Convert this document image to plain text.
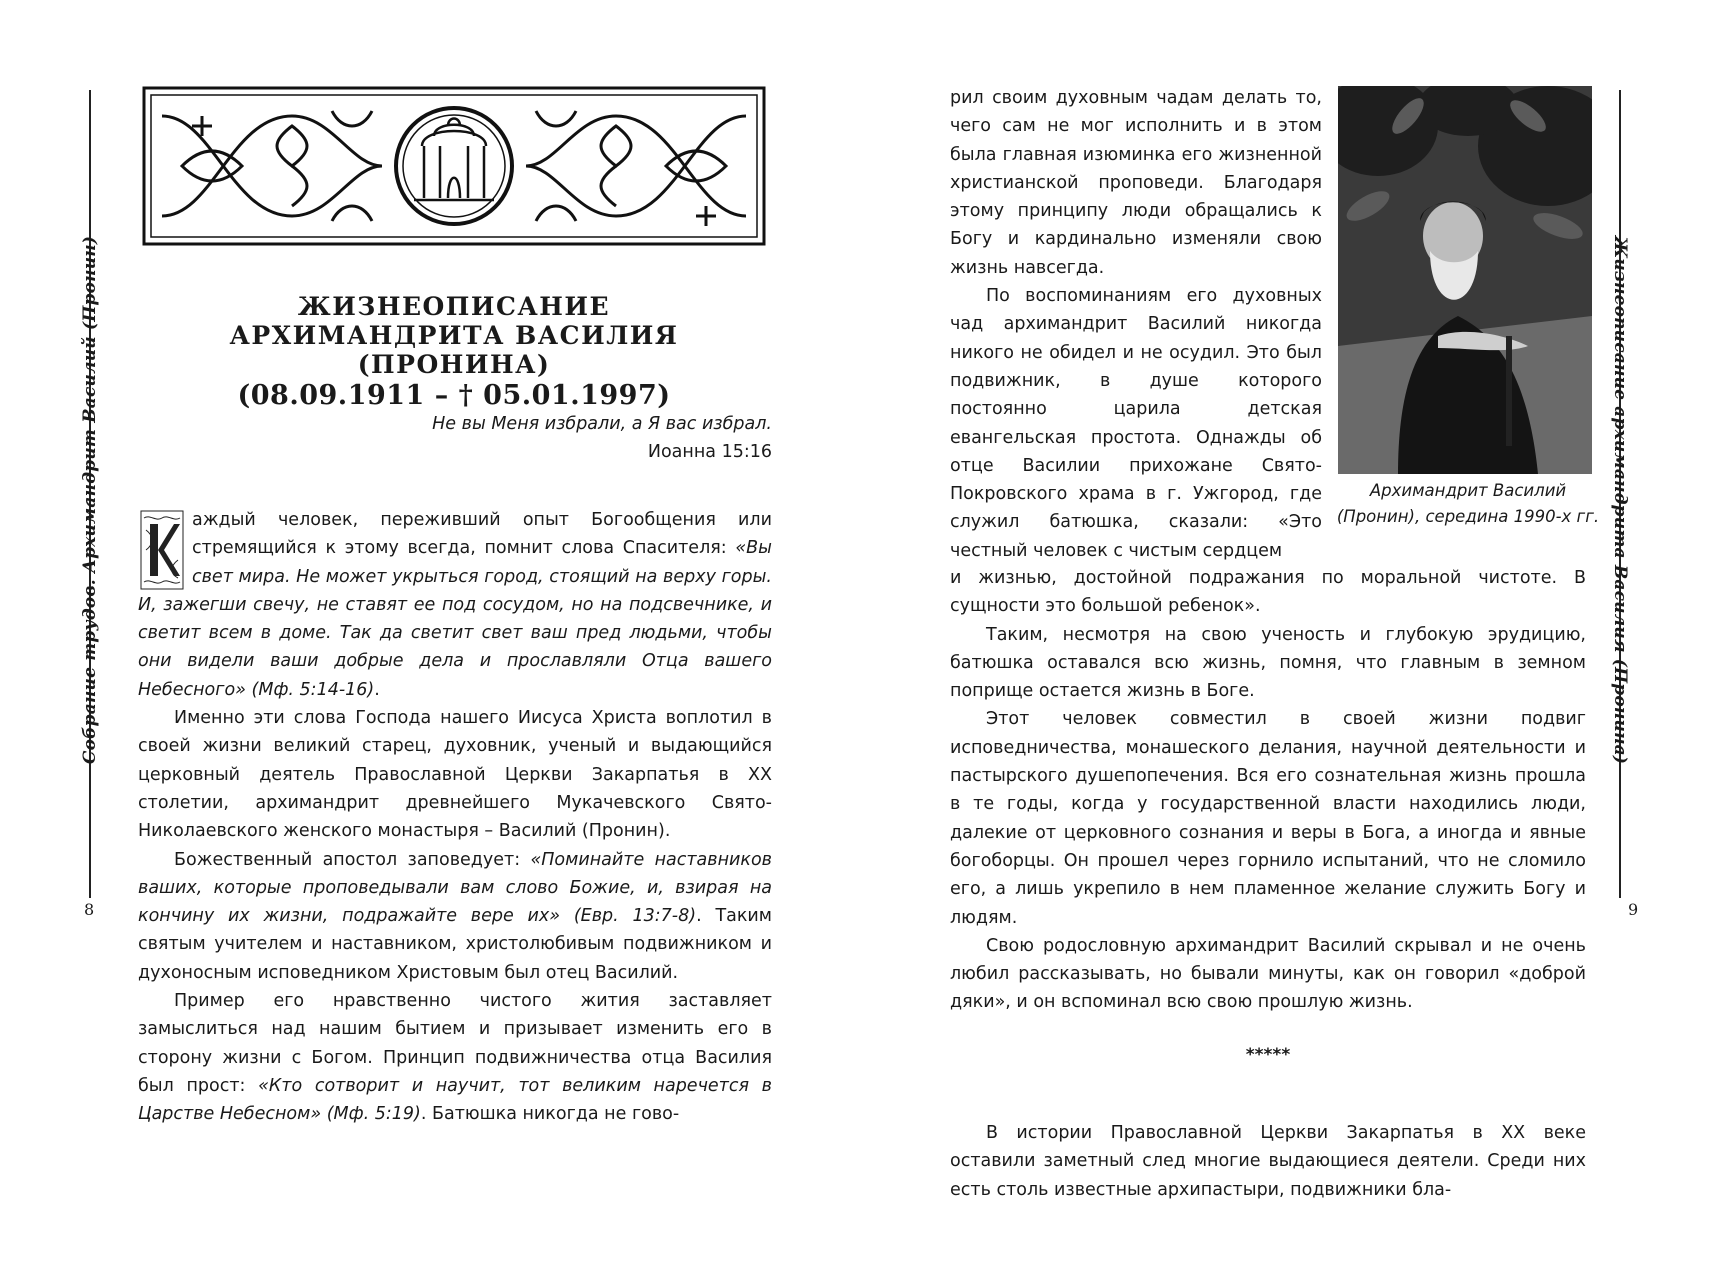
Собрание трудов. Архимандрит Василий (Пронин)
8
ЖИЗНЕОПИСАНИЕ
АРХИМАНДРИТА ВАСИЛИЯ (ПРОНИНА)
(08.09.1911 – † 05.01.1997)
Не вы Меня избрали, а Я вас избрал.
Иоанна 15:16

аждый человек, переживший опыт Богообщения или стремящийся к этому всегда, помнит слова Спасителя: «Вы свет мира. Не может укрыться город, стоящий на верху горы. И, зажегши свечу, не ставят ее под сосудом, но на подсвечнике, и светит всем в доме. Так да светит свет ваш пред людьми, чтобы они видели ваши добрые дела и прославляли Отца вашего Небесного» (Мф. 5:14-16).

Именно эти слова Господа нашего Иисуса Христа воплотил в своей жизни великий старец, духовник, ученый и выдающийся церковный деятель Православной Церкви Закарпатья в XX столетии, архимандрит древнейшего Мукачевского Свято-Николаевского женского монастыря – Василий (Пронин).

Божественный апостол заповедует: «Поминайте наставников ваших, которые проповедывали вам слово Божие, и, взирая на кончину их жизни, подражайте вере их» (Евр. 13:7-8). Таким святым учителем и наставником, христолюбивым подвижником и духоносным исповедником Христовым был отец Василий.

Пример его нравственно чистого жития заставляет замыслиться над нашим бытием и призывает изменить его в сторону жизни с Богом. Принцип подвижничества отца Василия был прост: «Кто сотворит и научит, тот великим наречется в Царстве Небесном» (Мф. 5:19). Батюшка никогда не гово-

Жизнеописание архимандрита Василия (Пронина)
9
Архимандрит Василий (Пронин), середина 1990-х гг.

рил своим духовным чадам делать то, чего сам не мог исполнить и в этом была главная изюминка его жизненной христианской проповеди. Благодаря этому принципу люди обращались к Богу и кардинально изменяли свою жизнь навсегда.

По воспоминаниям его духовных чад архимандрит Василий никогда никого не обидел и не осудил. Это был подвижник, в душе которого постоянно царила детская евангельская простота. Однажды об отце Василии прихожане Свято-Покровского храма в г. Ужгород, где служил батюшка, сказали: «Это честный человек с чистым сердцем

и жизнью, достойной подражания по моральной чистоте. В сущности это большой ребенок».

Таким, несмотря на свою ученость и глубокую эрудицию, батюшка оставался всю жизнь, помня, что главным в земном поприще остается жизнь в Боге.

Этот человек совместил в своей жизни подвиг исповедничества, монашеского делания, научной деятельности и пастырского душепопечения. Вся его сознательная жизнь прошла в те годы, когда у государственной власти находились люди, далекие от церковного сознания и веры в Бога, а иногда и явные богоборцы. Он прошел через горнило испытаний, что не сломило его, а лишь укрепило в нем пламенное желание служить Богу и людям.

Свою родословную архимандрит Василий скрывал и не очень любил рассказывать, но бывали минуты, как он говорил «доброй дяки», и он вспоминал всю свою прошлую жизнь.

*****

В истории Православной Церкви Закарпатья в XX веке оставили заметный след многие выдающиеся деятели. Среди них есть столь известные архипастыри, подвижники бла-
